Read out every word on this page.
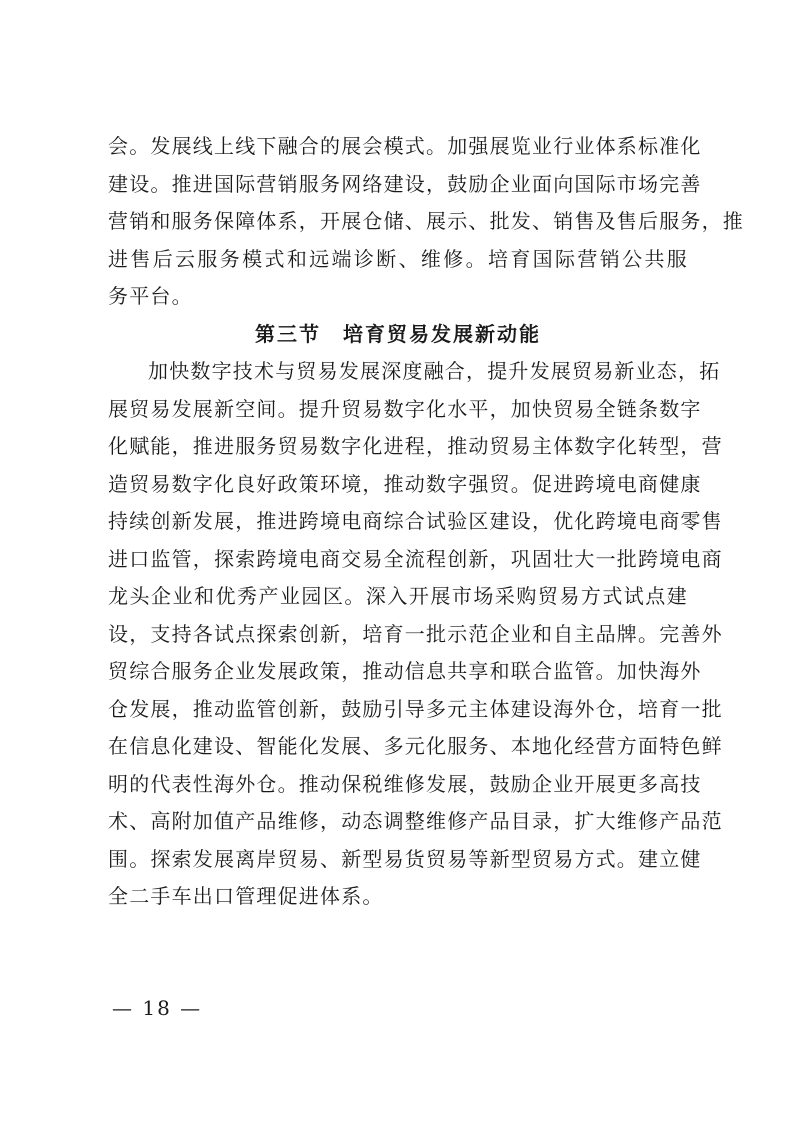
会。发展线上线下融合的展会模式。加强展览业行业体系标准化
建设。推进国际营销服务网络建设，鼓励企业面向国际市场完善
营销和服务保障体系，开展仓储、展示、批发、销售及售后服务，推
进售后云服务模式和远端诊断、维修。培育国际营销公共服
务平台。
第三节　培育贸易发展新动能
加快数字技术与贸易发展深度融合，提升发展贸易新业态，拓
展贸易发展新空间。提升贸易数字化水平，加快贸易全链条数字
化赋能，推进服务贸易数字化进程，推动贸易主体数字化转型，营
造贸易数字化良好政策环境，推动数字强贸。促进跨境电商健康
持续创新发展，推进跨境电商综合试验区建设，优化跨境电商零售
进口监管，探索跨境电商交易全流程创新，巩固壮大一批跨境电商
龙头企业和优秀产业园区。深入开展市场采购贸易方式试点建
设，支持各试点探索创新，培育一批示范企业和自主品牌。完善外
贸综合服务企业发展政策，推动信息共享和联合监管。加快海外
仓发展，推动监管创新，鼓励引导多元主体建设海外仓，培育一批
在信息化建设、智能化发展、多元化服务、本地化经营方面特色鲜
明的代表性海外仓。推动保税维修发展，鼓励企业开展更多高技
术、高附加值产品维修，动态调整维修产品目录，扩大维修产品范
围。探索发展离岸贸易、新型易货贸易等新型贸易方式。建立健
全二手车出口管理促进体系。
— 18 —
